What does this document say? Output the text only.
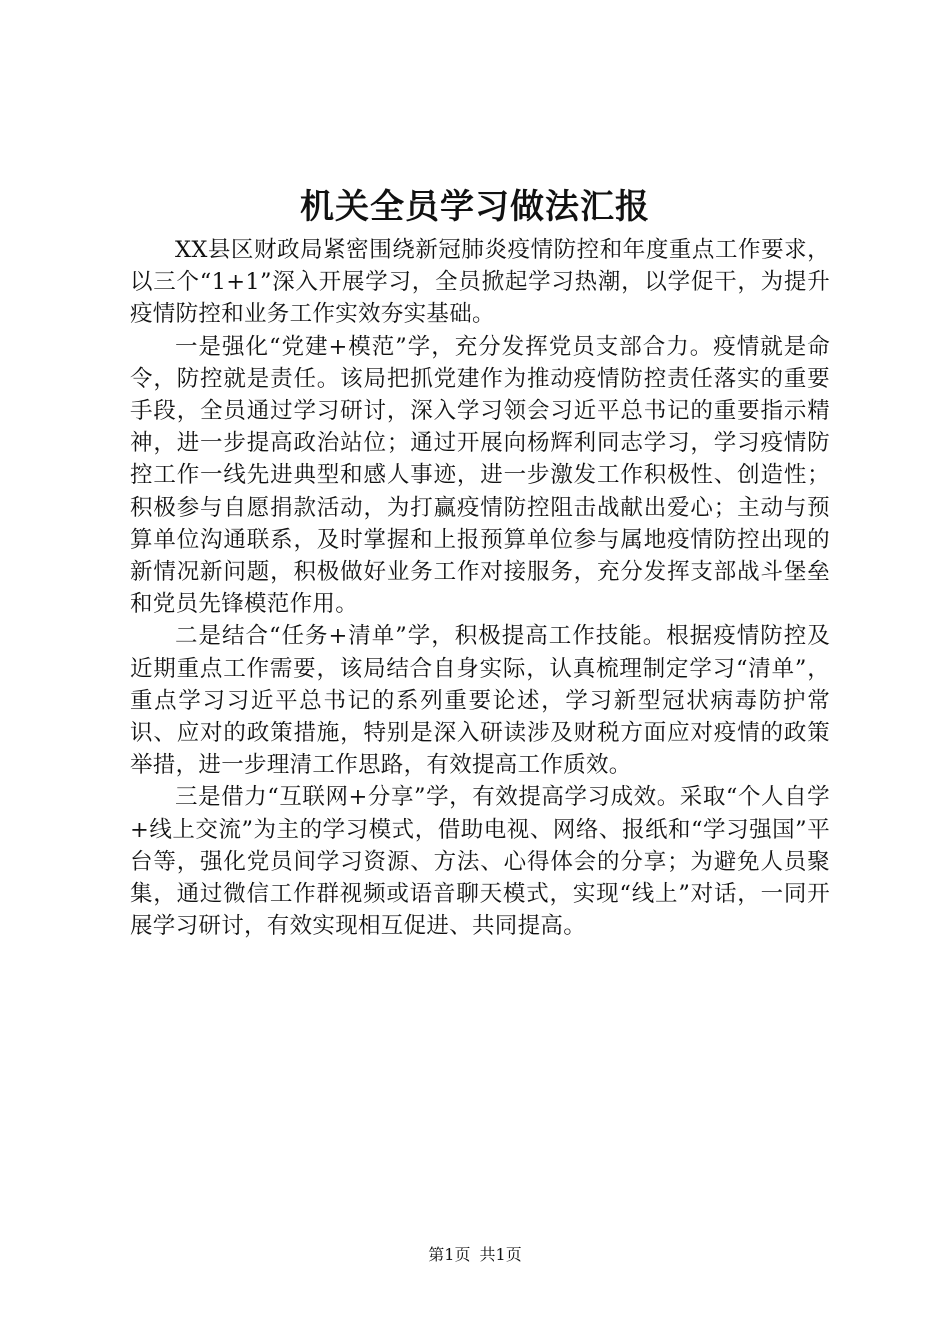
机关全员学习做法汇报

XX县区财政局紧密围绕新冠肺炎疫情防控和年度重点工作要求，以三个“1+1”深入开展学习，全员掀起学习热潮，以学促干，为提升疫情防控和业务工作实效夯实基础。

一是强化“党建+模范”学，充分发挥党员支部合力。疫情就是命令，防控就是责任。该局把抓党建作为推动疫情防控责任落实的重要手段，全员通过学习研讨，深入学习领会习近平总书记的重要指示精神，进一步提高政治站位；通过开展向杨辉利同志学习，学习疫情防控工作一线先进典型和感人事迹，进一步激发工作积极性、创造性；积极参与自愿捐款活动，为打赢疫情防控阻击战献出爱心；主动与预算单位沟通联系，及时掌握和上报预算单位参与属地疫情防控出现的新情况新问题，积极做好业务工作对接服务，充分发挥支部战斗堡垒和党员先锋模范作用。

二是结合“任务+清单”学，积极提高工作技能。根据疫情防控及近期重点工作需要，该局结合自身实际，认真梳理制定学习“清单”，重点学习习近平总书记的系列重要论述，学习新型冠状病毒防护常识、应对的政策措施，特别是深入研读涉及财税方面应对疫情的政策举措，进一步理清工作思路，有效提高工作质效。

三是借力“互联网+分享”学，有效提高学习成效。采取“个人自学+线上交流”为主的学习模式，借助电视、网络、报纸和“学习强国”平台等，强化党员间学习资源、方法、心得体会的分享；为避免人员聚集，通过微信工作群视频或语音聊天模式，实现“线上”对话，一同开展学习研讨，有效实现相互促进、共同提高。

第1页 共1页
